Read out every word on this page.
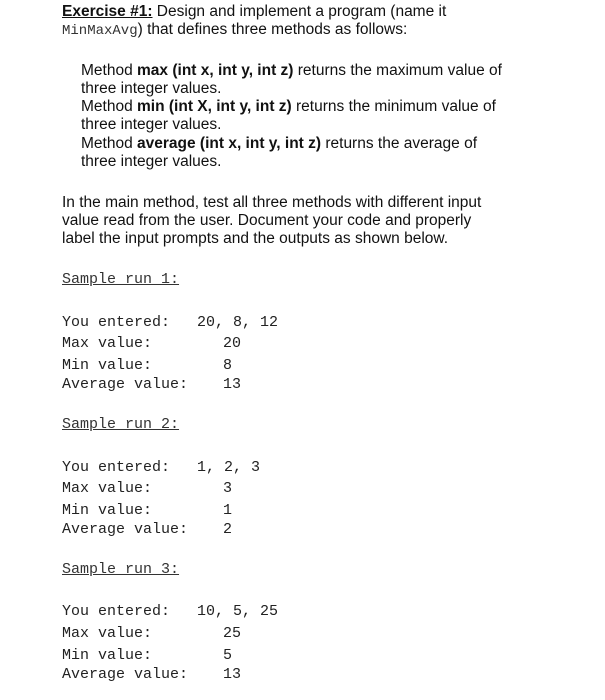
Exercise #1: Design and implement a program (name it
MinMaxAvg) that defines three methods as follows:
Method max (int x, int y, int z) returns the maximum value of
three integer values.
Method min (int X, int y, int z) returns the minimum value of
three integer values.
Method average (int x, int y, int z) returns the average of
three integer values.
In the main method, test all three methods with different input
value read from the user. Document your code and properly
label the input prompts and the outputs as shown below.
Sample run 1:
You entered: 20, 8, 12
Max value:	20
Min value:	8
Average value: 13
Sample run 2:
You entered: 1, 2, 3
Max value:	3
Min value:	1
Average value: 2
Sample run 3:
You entered: 10, 5, 25
Max value:	25
Min value:	5
Average value: 13
